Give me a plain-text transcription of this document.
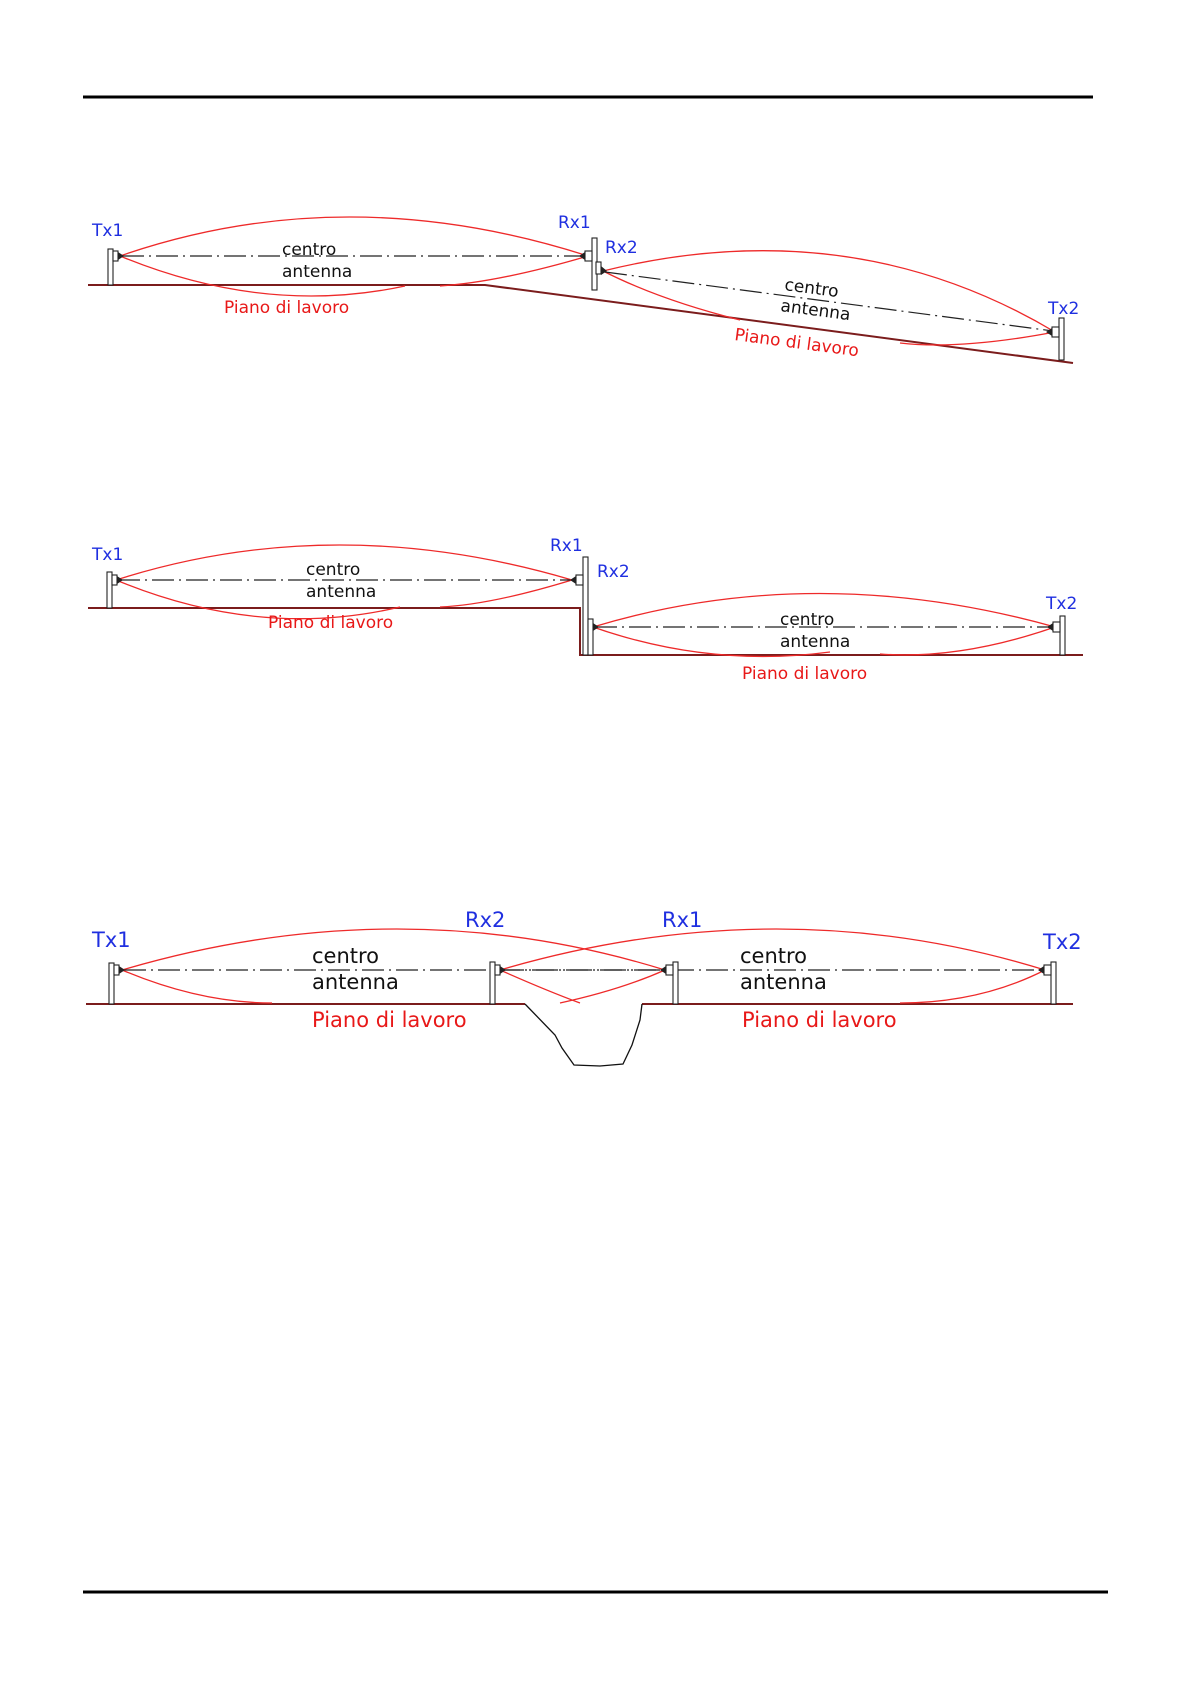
Tx1	Rx1
Rx2
Tx2
centro
antenna
Piano di lavoro
centro
antenna
Piano di lavoro
Tx1	Rx1
Rx2
Tx2
centro
antenna
Piano di lavoro	centro
antenna
Piano di lavoro
Tx1
Rx2	Rx1
Tx2
centro
antenna
Piano di lavoro
centro
antenna
Piano di lavoro
